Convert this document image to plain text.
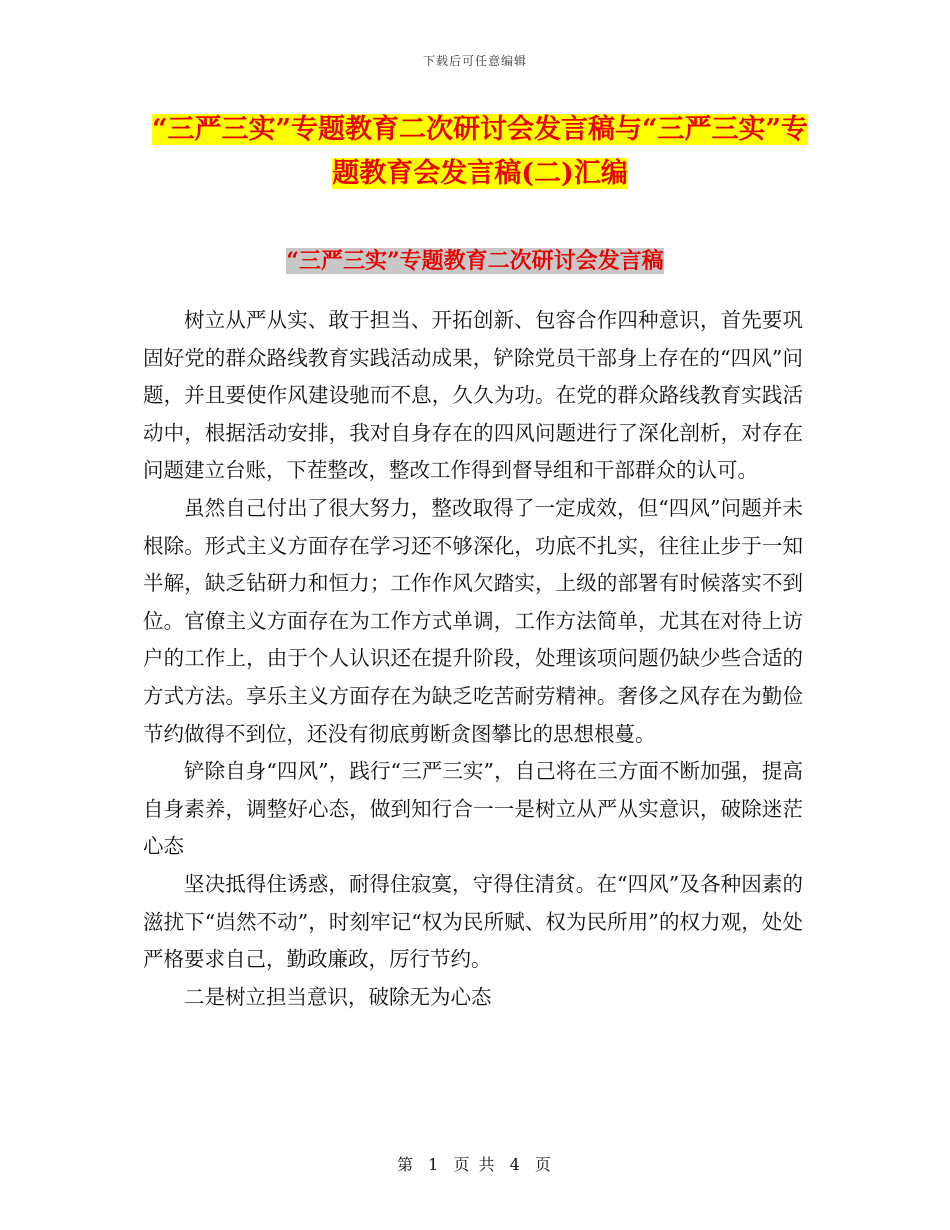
下载后可任意编辑
“三严三实”专题教育二次研讨会发言稿与“三严三实”专题教育会发言稿(二)汇编
“三严三实”专题教育二次研讨会发言稿

树立从严从实、敢于担当、开拓创新、包容合作四种意识，首先要巩固好党的群众路线教育实践活动成果，铲除党员干部身上存在的“四风”问题，并且要使作风建设驰而不息，久久为功。在党的群众路线教育实践活动中，根据活动安排，我对自身存在的四风问题进行了深化剖析，对存在问题建立台账，下茬整改，整改工作得到督导组和干部群众的认可。

虽然自己付出了很大努力，整改取得了一定成效，但“四风”问题并未根除。形式主义方面存在学习还不够深化，功底不扎实，往往止步于一知半解，缺乏钻研力和恒力；工作作风欠踏实，上级的部署有时候落实不到位。官僚主义方面存在为工作方式单调，工作方法简单，尤其在对待上访户的工作上，由于个人认识还在提升阶段，处理该项问题仍缺少些合适的方式方法。享乐主义方面存在为缺乏吃苦耐劳精神。奢侈之风存在为勤俭节约做得不到位，还没有彻底剪断贪图攀比的思想根蔓。

铲除自身“四风”，践行“三严三实”，自己将在三方面不断加强，提高自身素养，调整好心态，做到知行合一一是树立从严从实意识，破除迷茫心态

坚决抵得住诱惑，耐得住寂寞，守得住清贫。在“四风”及各种因素的滋扰下“岿然不动”，时刻牢记“权为民所赋、权为民所用”的权力观，处处严格要求自己，勤政廉政，厉行节约。

二是树立担当意识，破除无为心态

第 1 页 共 4 页
